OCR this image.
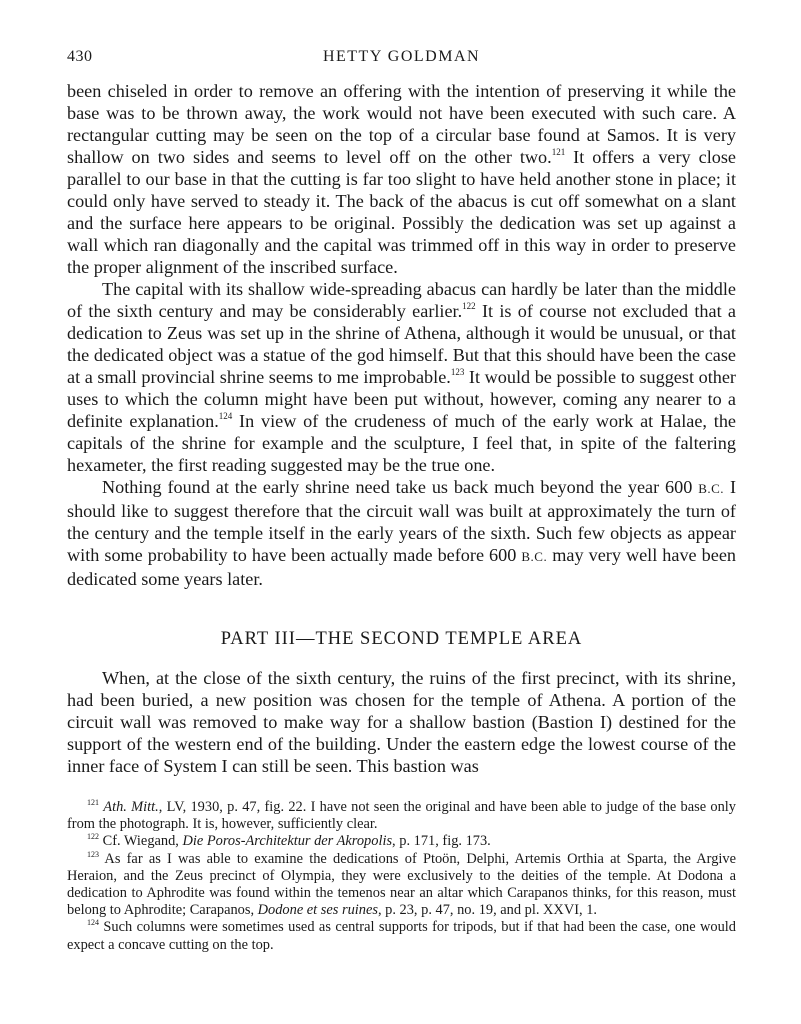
430	HETTY GOLDMAN

been chiseled in order to remove an offering with the intention of preserving it while the base was to be thrown away, the work would not have been executed with such care. A rectangular cutting may be seen on the top of a circular base found at Samos. It is very shallow on two sides and seems to level off on the other two.$^{121}$ It offers a very close parallel to our base in that the cutting is far too slight to have held another stone in place; it could only have served to steady it. The back of the abacus is cut off somewhat on a slant and the surface here appears to be original. Possibly the dedication was set up against a wall which ran diagonally and the capital was trimmed off in this way in order to preserve the proper alignment of the inscribed surface.

The capital with its shallow wide-spreading abacus can hardly be later than the middle of the sixth century and may be considerably earlier.$^{122}$ It is of course not excluded that a dedication to Zeus was set up in the shrine of Athena, although it would be unusual, or that the dedicated object was a statue of the god himself. But that this should have been the case at a small provincial shrine seems to me improbable.$^{123}$ It would be possible to suggest other uses to which the column might have been put without, however, coming any nearer to a definite explanation.$^{124}$ In view of the crudeness of much of the early work at Halae, the capitals of the shrine for example and the sculpture, I feel that, in spite of the faltering hexameter, the first reading suggested may be the true one.

Nothing found at the early shrine need take us back much beyond the year 600 B.C. I should like to suggest therefore that the circuit wall was built at approximately the turn of the century and the temple itself in the early years of the sixth. Such few objects as appear with some probability to have been actually made before 600 B.C. may very well have been dedicated some years later.

PART III—THE SECOND TEMPLE AREA

When, at the close of the sixth century, the ruins of the first precinct, with its shrine, had been buried, a new position was chosen for the temple of Athena. A portion of the circuit wall was removed to make way for a shallow bastion (Bastion I) destined for the support of the western end of the building. Under the eastern edge the lowest course of the inner face of System I can still be seen. This bastion was

$^{121}$ Ath. Mitt., LV, 1930, p. 47, fig. 22. I have not seen the original and have been able to judge of the base only from the photograph. It is, however, sufficiently clear.

$^{122}$ Cf. Wiegand, Die Poros-Architektur der Akropolis, p. 171, fig. 173.

$^{123}$ As far as I was able to examine the dedications of Ptoön, Delphi, Artemis Orthia at Sparta, the Argive Heraion, and the Zeus precinct of Olympia, they were exclusively to the deities of the temple. At Dodona a dedication to Aphrodite was found within the temenos near an altar which Carapanos thinks, for this reason, must belong to Aphrodite; Carapanos, Dodone et ses ruines, p. 23, p. 47, no. 19, and pl. XXVI, 1.

$^{124}$ Such columns were sometimes used as central supports for tripods, but if that had been the case, one would expect a concave cutting on the top.
